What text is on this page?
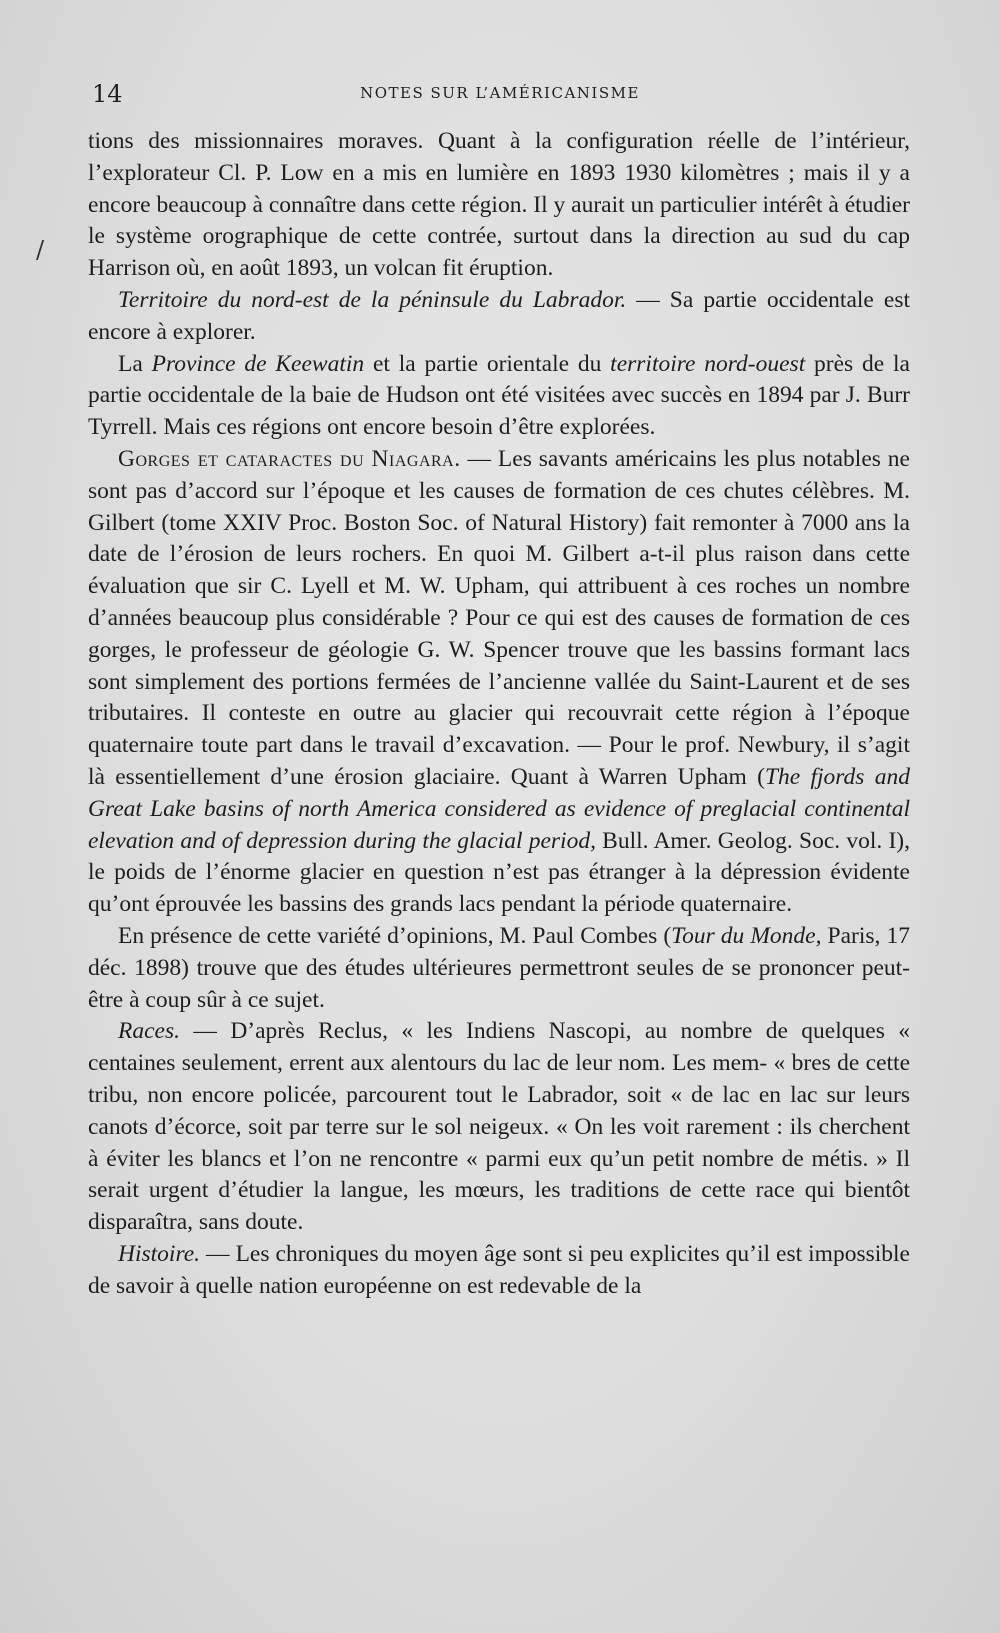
14	NOTES SUR L’AMÉRICANISME
/

tions des missionnaires moraves. Quant à la configuration réelle de l’intérieur, l’explorateur Cl. P. Low en a mis en lumière en 1893 1930 kilomètres ; mais il y a encore beaucoup à connaître dans cette région. Il y aurait un particulier intérêt à étudier le système orographique de cette contrée, surtout dans la direction au sud du cap Harrison où, en août 1893, un volcan fit éruption.

Territoire du nord-est de la péninsule du Labrador. — Sa partie occidentale est encore à explorer.

La Province de Keewatin et la partie orientale du territoire nord-ouest près de la partie occidentale de la baie de Hudson ont été visitées avec succès en 1894 par J. Burr Tyrrell. Mais ces régions ont encore besoin d’être explorées.

Gorges et cataractes du Niagara. — Les savants américains les plus notables ne sont pas d’accord sur l’époque et les causes de formation de ces chutes célèbres. M. Gilbert (tome XXIV Proc. Boston Soc. of Natural History) fait remonter à 7000 ans la date de l’érosion de leurs rochers. En quoi M. Gilbert a-t-il plus raison dans cette évaluation que sir C. Lyell et M. W. Upham, qui attribuent à ces roches un nombre d’années beaucoup plus considérable ? Pour ce qui est des causes de formation de ces gorges, le professeur de géologie G. W. Spencer trouve que les bassins formant lacs sont simplement des portions fermées de l’ancienne vallée du Saint-Laurent et de ses tributaires. Il conteste en outre au glacier qui recouvrait cette région à l’époque quaternaire toute part dans le travail d’excavation. — Pour le prof. Newbury, il s’agit là essentiellement d’une érosion glaciaire. Quant à Warren Upham (The fjords and Great Lake basins of north America considered as evidence of preglacial continental elevation and of depression during the glacial period, Bull. Amer. Geolog. Soc. vol. I), le poids de l’énorme glacier en question n’est pas étranger à la dépression évidente qu’ont éprouvée les bassins des grands lacs pendant la période quaternaire.

En présence de cette variété d’opinions, M. Paul Combes (Tour du Monde, Paris, 17 déc. 1898) trouve que des études ultérieures permettront seules de se prononcer peut-être à coup sûr à ce sujet.

Races. — D’après Reclus, « les Indiens Nascopi, au nombre de quelques « centaines seulement, errent aux alentours du lac de leur nom. Les mem- « bres de cette tribu, non encore policée, parcourent tout le Labrador, soit « de lac en lac sur leurs canots d’écorce, soit par terre sur le sol neigeux. « On les voit rarement : ils cherchent à éviter les blancs et l’on ne rencontre « parmi eux qu’un petit nombre de métis. » Il serait urgent d’étudier la langue, les mœurs, les traditions de cette race qui bientôt disparaîtra, sans doute.

Histoire. — Les chroniques du moyen âge sont si peu explicites qu’il est impossible de savoir à quelle nation européenne on est redevable de la
